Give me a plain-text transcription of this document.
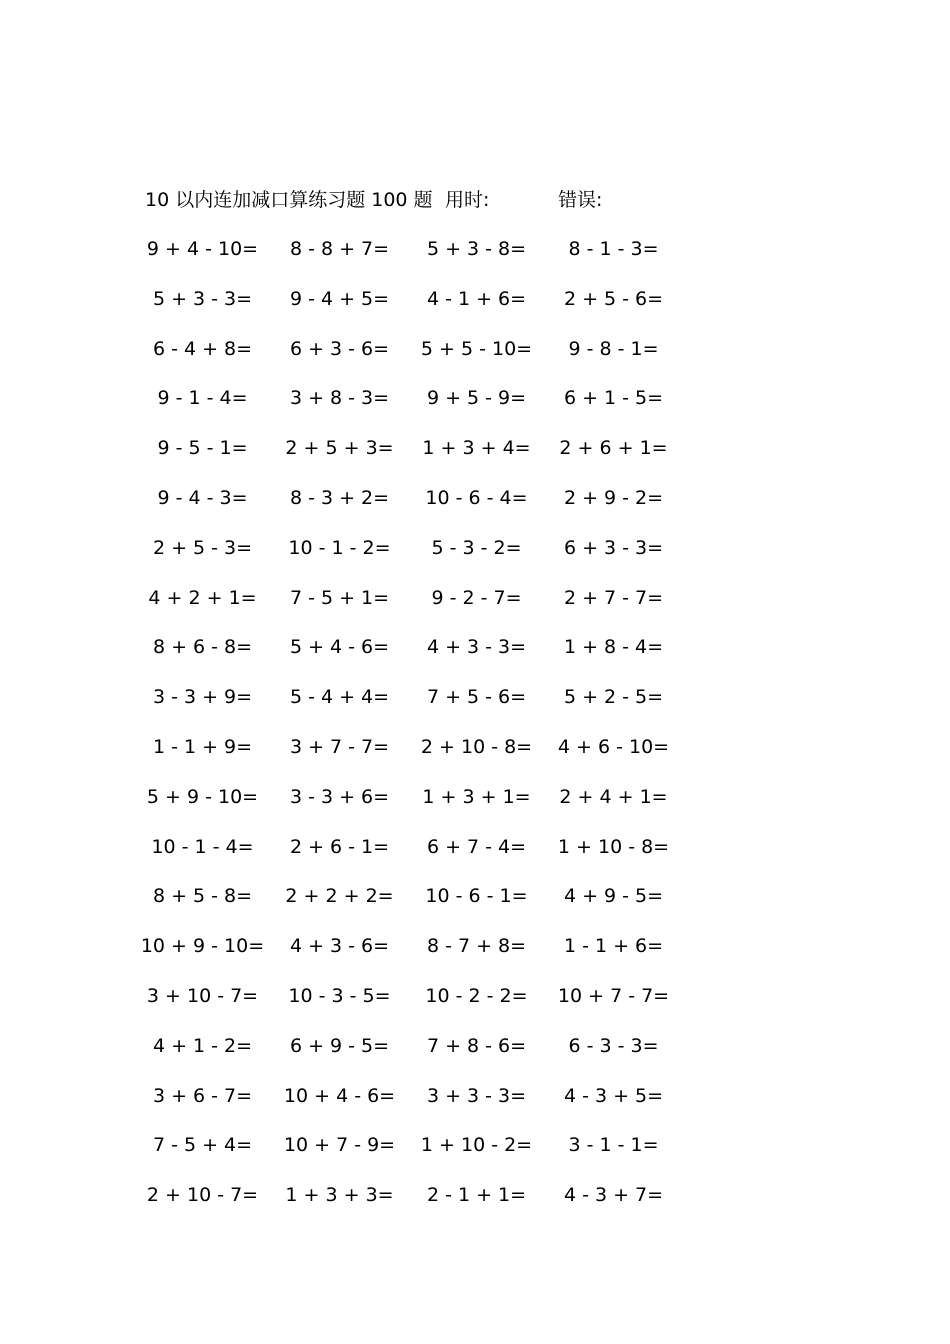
10 以内连加减口算练习题 100 题 用时:	错误:
9 + 4 - 10=	8 - 8 + 7=	5 + 3 - 8=	8 - 1 - 3=
5 + 3 - 3=	9 - 4 + 5=	4 - 1 + 6=	2 + 5 - 6=
6 - 4 + 8=	6 + 3 - 6=	5 + 5 - 10=	9 - 8 - 1=
9 - 1 - 4=	3 + 8 - 3=	9 + 5 - 9=	6 + 1 - 5=
9 - 5 - 1=	2 + 5 + 3=	1 + 3 + 4=	2 + 6 + 1=
9 - 4 - 3=	8 - 3 + 2=	10 - 6 - 4=	2 + 9 - 2=
2 + 5 - 3=	10 - 1 - 2=	5 - 3 - 2=	6 + 3 - 3=
4 + 2 + 1=	7 - 5 + 1=	9 - 2 - 7=	2 + 7 - 7=
8 + 6 - 8=	5 + 4 - 6=	4 + 3 - 3=	1 + 8 - 4=
3 - 3 + 9=	5 - 4 + 4=	7 + 5 - 6=	5 + 2 - 5=
1 - 1 + 9=	3 + 7 - 7=	2 + 10 - 8=	4 + 6 - 10=
5 + 9 - 10=	3 - 3 + 6=	1 + 3 + 1=	2 + 4 + 1=
10 - 1 - 4=	2 + 6 - 1=	6 + 7 - 4=	1 + 10 - 8=
8 + 5 - 8=	2 + 2 + 2=	10 - 6 - 1=	4 + 9 - 5=
10 + 9 - 10=	4 + 3 - 6=	8 - 7 + 8=	1 - 1 + 6=
3 + 10 - 7=	10 - 3 - 5=	10 - 2 - 2=	10 + 7 - 7=
4 + 1 - 2=	6 + 9 - 5=	7 + 8 - 6=	6 - 3 - 3=
3 + 6 - 7=	10 + 4 - 6=	3 + 3 - 3=	4 - 3 + 5=
7 - 5 + 4=	10 + 7 - 9=	1 + 10 - 2=	3 - 1 - 1=
2 + 10 - 7=	1 + 3 + 3=	2 - 1 + 1=	4 - 3 + 7=
